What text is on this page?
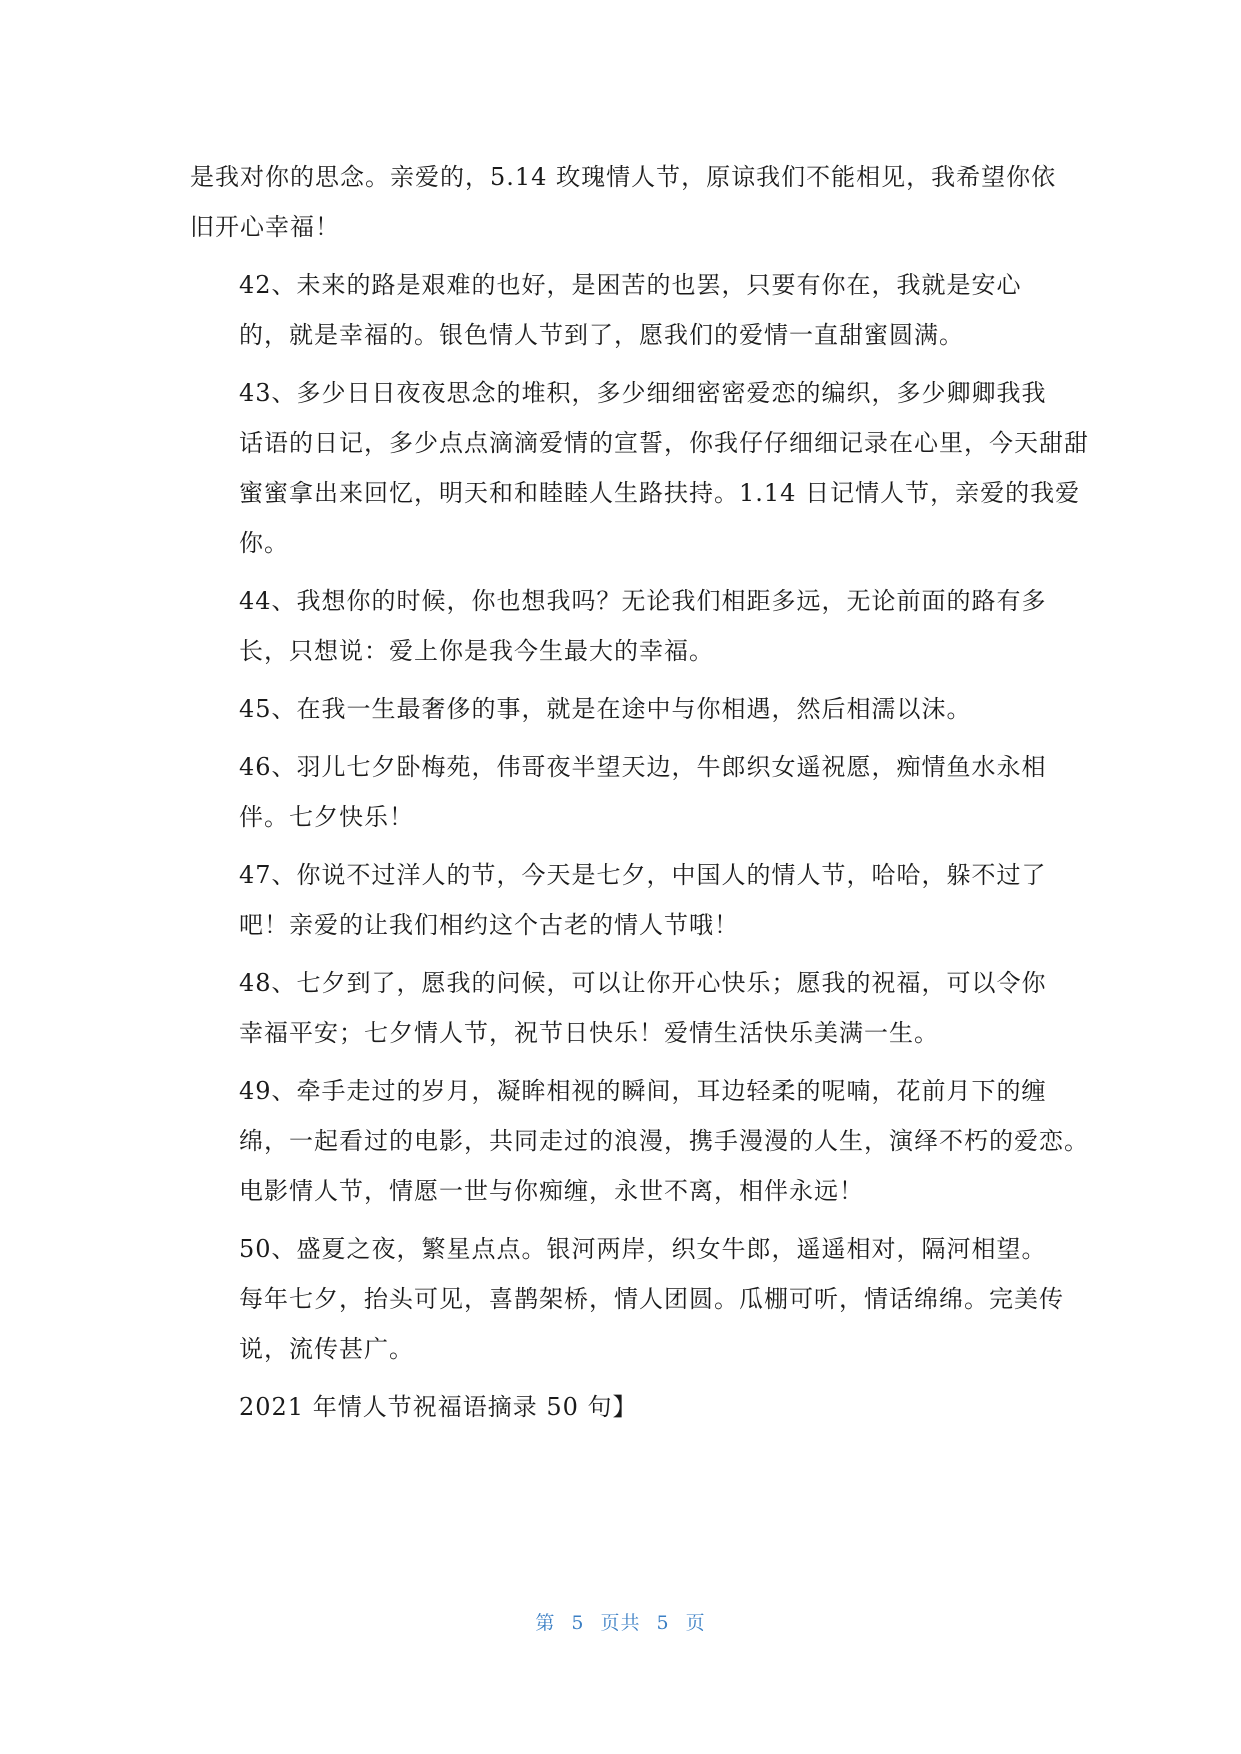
是我对你的思念。亲爱的，5.14 玫瑰情人节，原谅我们不能相见，我希望你依
旧开心幸福！

42、未来的路是艰难的也好，是困苦的也罢，只要有你在，我就是安心
的，就是幸福的。银色情人节到了，愿我们的爱情一直甜蜜圆满。

43、多少日日夜夜思念的堆积，多少细细密密爱恋的编织，多少卿卿我我
话语的日记，多少点点滴滴爱情的宣誓，你我仔仔细细记录在心里，今天甜甜
蜜蜜拿出来回忆，明天和和睦睦人生路扶持。1.14 日记情人节，亲爱的我爱
你。

44、我想你的时候，你也想我吗？无论我们相距多远，无论前面的路有多
长，只想说：爱上你是我今生最大的幸福。

45、在我一生最奢侈的事，就是在途中与你相遇，然后相濡以沫。

46、羽儿七夕卧梅苑，伟哥夜半望天边，牛郎织女遥祝愿，痴情鱼水永相
伴。七夕快乐！

47、你说不过洋人的节，今天是七夕，中国人的情人节，哈哈，躲不过了
吧！亲爱的让我们相约这个古老的情人节哦！

48、七夕到了，愿我的问候，可以让你开心快乐；愿我的祝福，可以令你
幸福平安；七夕情人节，祝节日快乐！爱情生活快乐美满一生。

49、牵手走过的岁月，凝眸相视的瞬间，耳边轻柔的呢喃，花前月下的缠
绵，一起看过的电影，共同走过的浪漫，携手漫漫的人生，演绎不朽的爱恋。
电影情人节，情愿一世与你痴缠，永世不离，相伴永远！

50、盛夏之夜，繁星点点。银河两岸，织女牛郎，遥遥相对，隔河相望。
每年七夕，抬头可见，喜鹊架桥，情人团圆。瓜棚可听，情话绵绵。完美传
说，流传甚广。

2021 年情人节祝福语摘录 50 句】

第 5 页共 5 页
